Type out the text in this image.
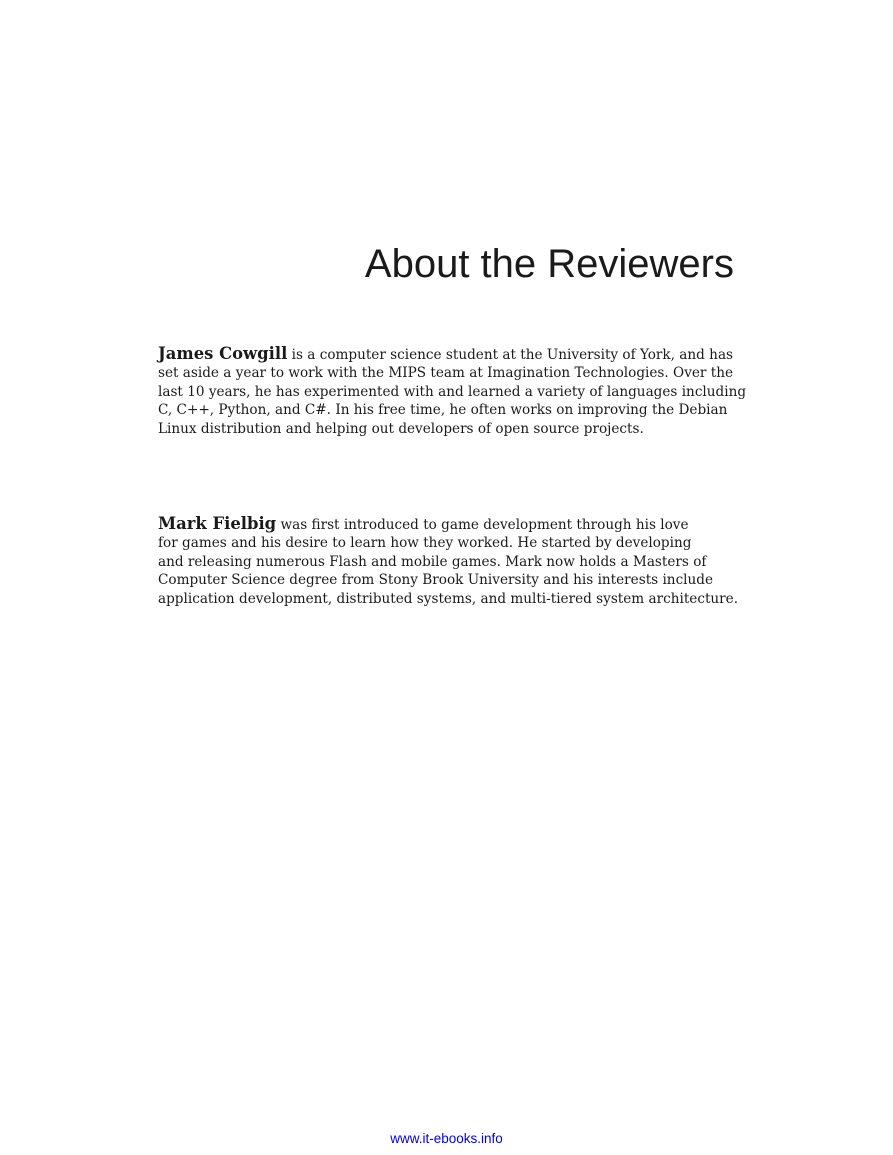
About the Reviewers
James Cowgill is a computer science student at the University of York, and has
set aside a year to work with the MIPS team at Imagination Technologies. Over the
last 10 years, he has experimented with and learned a variety of languages including
C, C++, Python, and C#. In his free time, he often works on improving the Debian
Linux distribution and helping out developers of open source projects.
Mark Fielbig was first introduced to game development through his love
for games and his desire to learn how they worked. He started by developing
and releasing numerous Flash and mobile games. Mark now holds a Masters of
Computer Science degree from Stony Brook University and his interests include
application development, distributed systems, and multi-tiered system architecture.
www.it-ebooks.info
